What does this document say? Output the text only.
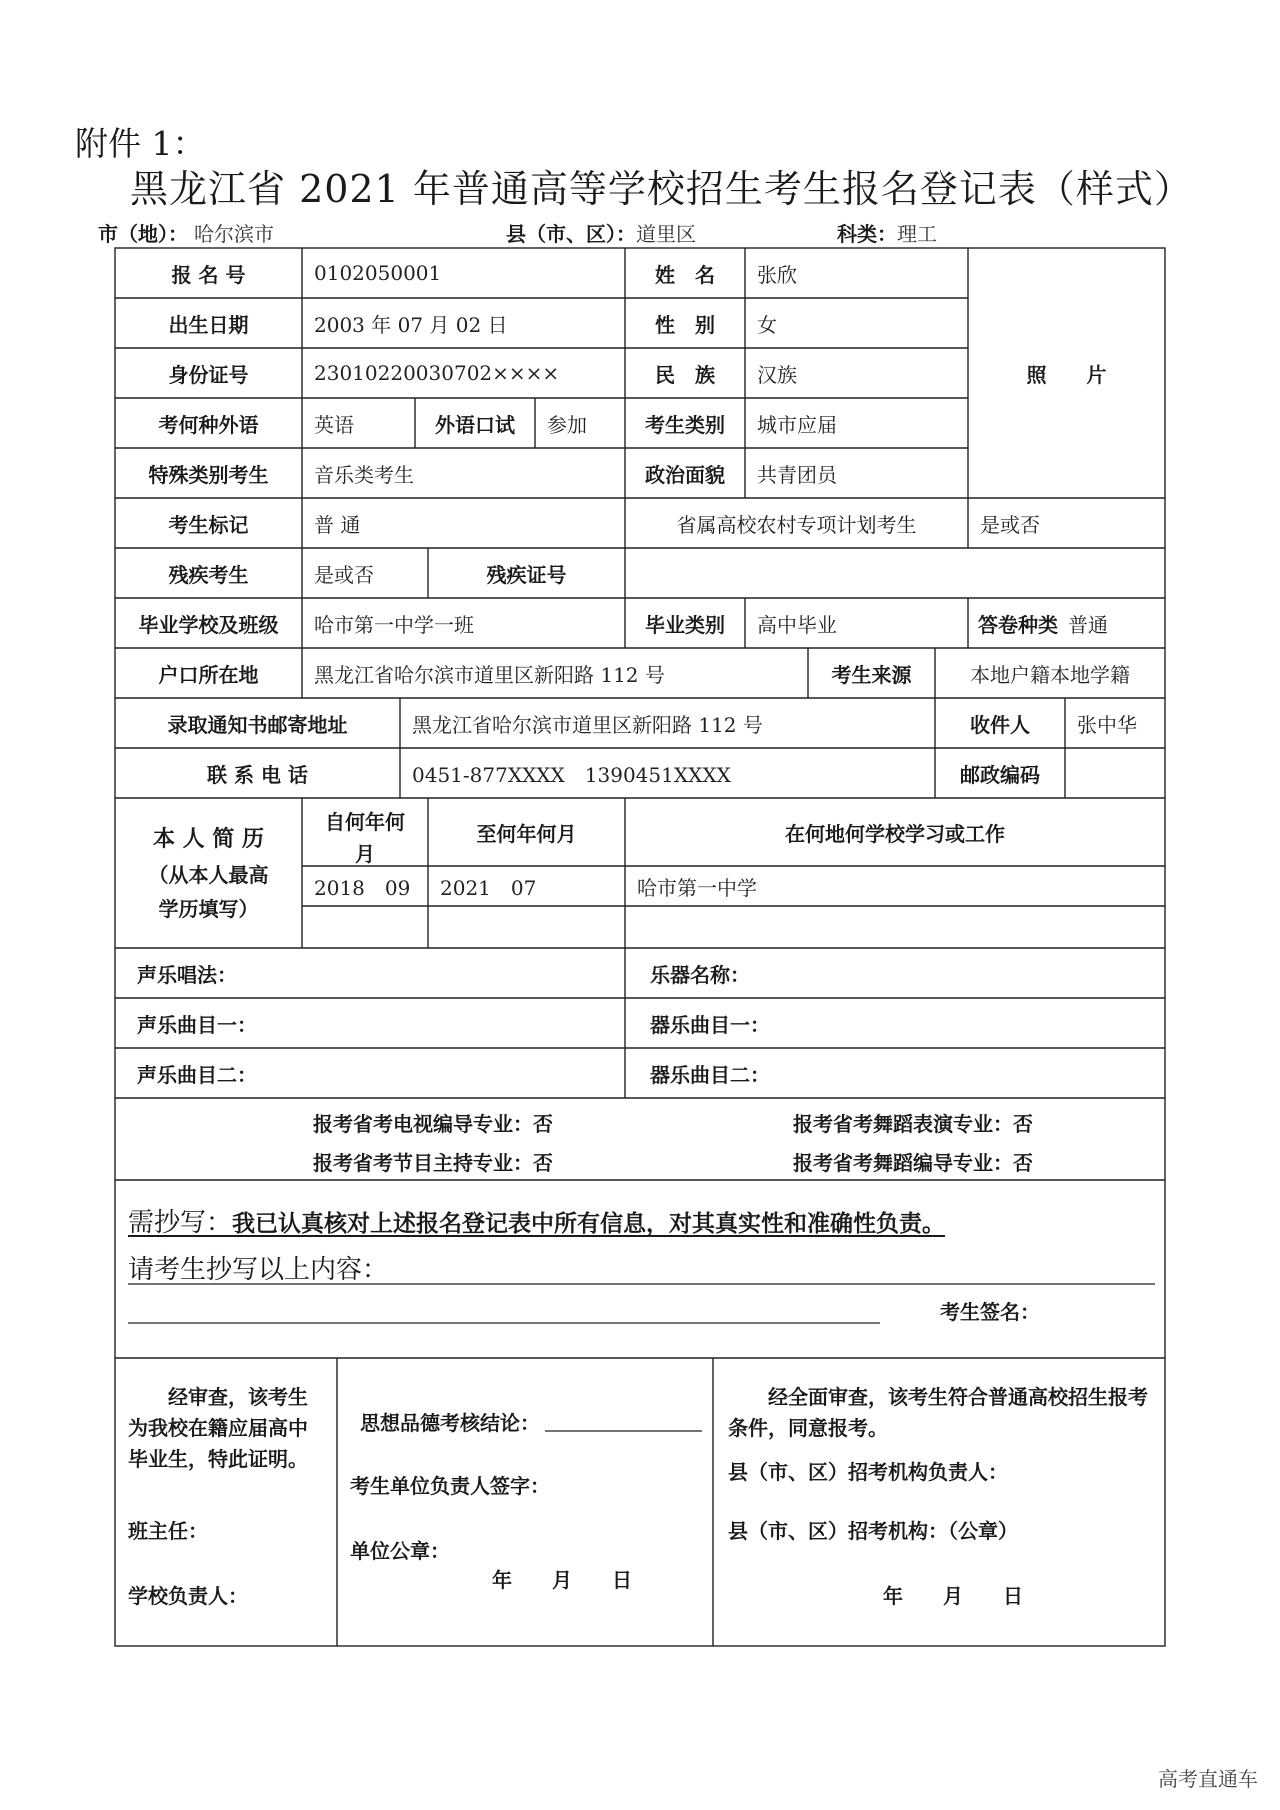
附件 1：
黑龙江省 2021 年普通高等学校招生考生报名登记表（样式）
市（地）： 哈尔滨市	县（市、区）：道里区	科类：理工
报 名 号	0102050001	姓　名	张欣
照　　片
出生日期	2003 年 07 月 02 日	性　别	女
身份证号	23010220030702××××	民　族	汉族
考何种外语	英语	外语口试	参加	考生类别	城市应届
特殊类别考生	音乐类考生	政治面貌	共青团员
考生标记	普 通	省属高校农村专项计划考生	是或否
残疾考生	是或否	残疾证号
毕业学校及班级	哈市第一中学一班	毕业类别	高中毕业	答卷种类 普通
户口所在地	黑龙江省哈尔滨市道里区新阳路 112 号	考生来源	本地户籍本地学籍
录取通知书邮寄地址	黑龙江省哈尔滨市道里区新阳路 112 号	收件人	张中华
联 系 电 话	0451-877XXXX　1390451XXXX	邮政编码
本 人 简 历
（从本人最高
学历填写）
自何年何
月
至何年何月	在何地何学校学习或工作
2018　09	2021　07	哈市第一中学
声乐唱法：	乐器名称：
声乐曲目一：	器乐曲目一：
声乐曲目二：	器乐曲目二：
报考省考电视编导专业：否	报考省考舞蹈表演专业：否
报考省考节目主持专业：否	报考省考舞蹈编导专业：否
需抄写：我已认真核对上述报名登记表中所有信息，对其真实性和准确性负责。
请考生抄写以上内容：
考生签名：
经审查，该考生
为我校在籍应届高中
毕业生，特此证明。
班主任：
学校负责人：
思想品德考核结论：
考生单位负责人签字：
单位公章：
年　　月　　日
经全面审查，该考生符合普通高校招生报考
条件，同意报考。
县（市、区）招考机构负责人：
县（市、区）招考机构：（公章）
年　　月　　日
高考直通车
